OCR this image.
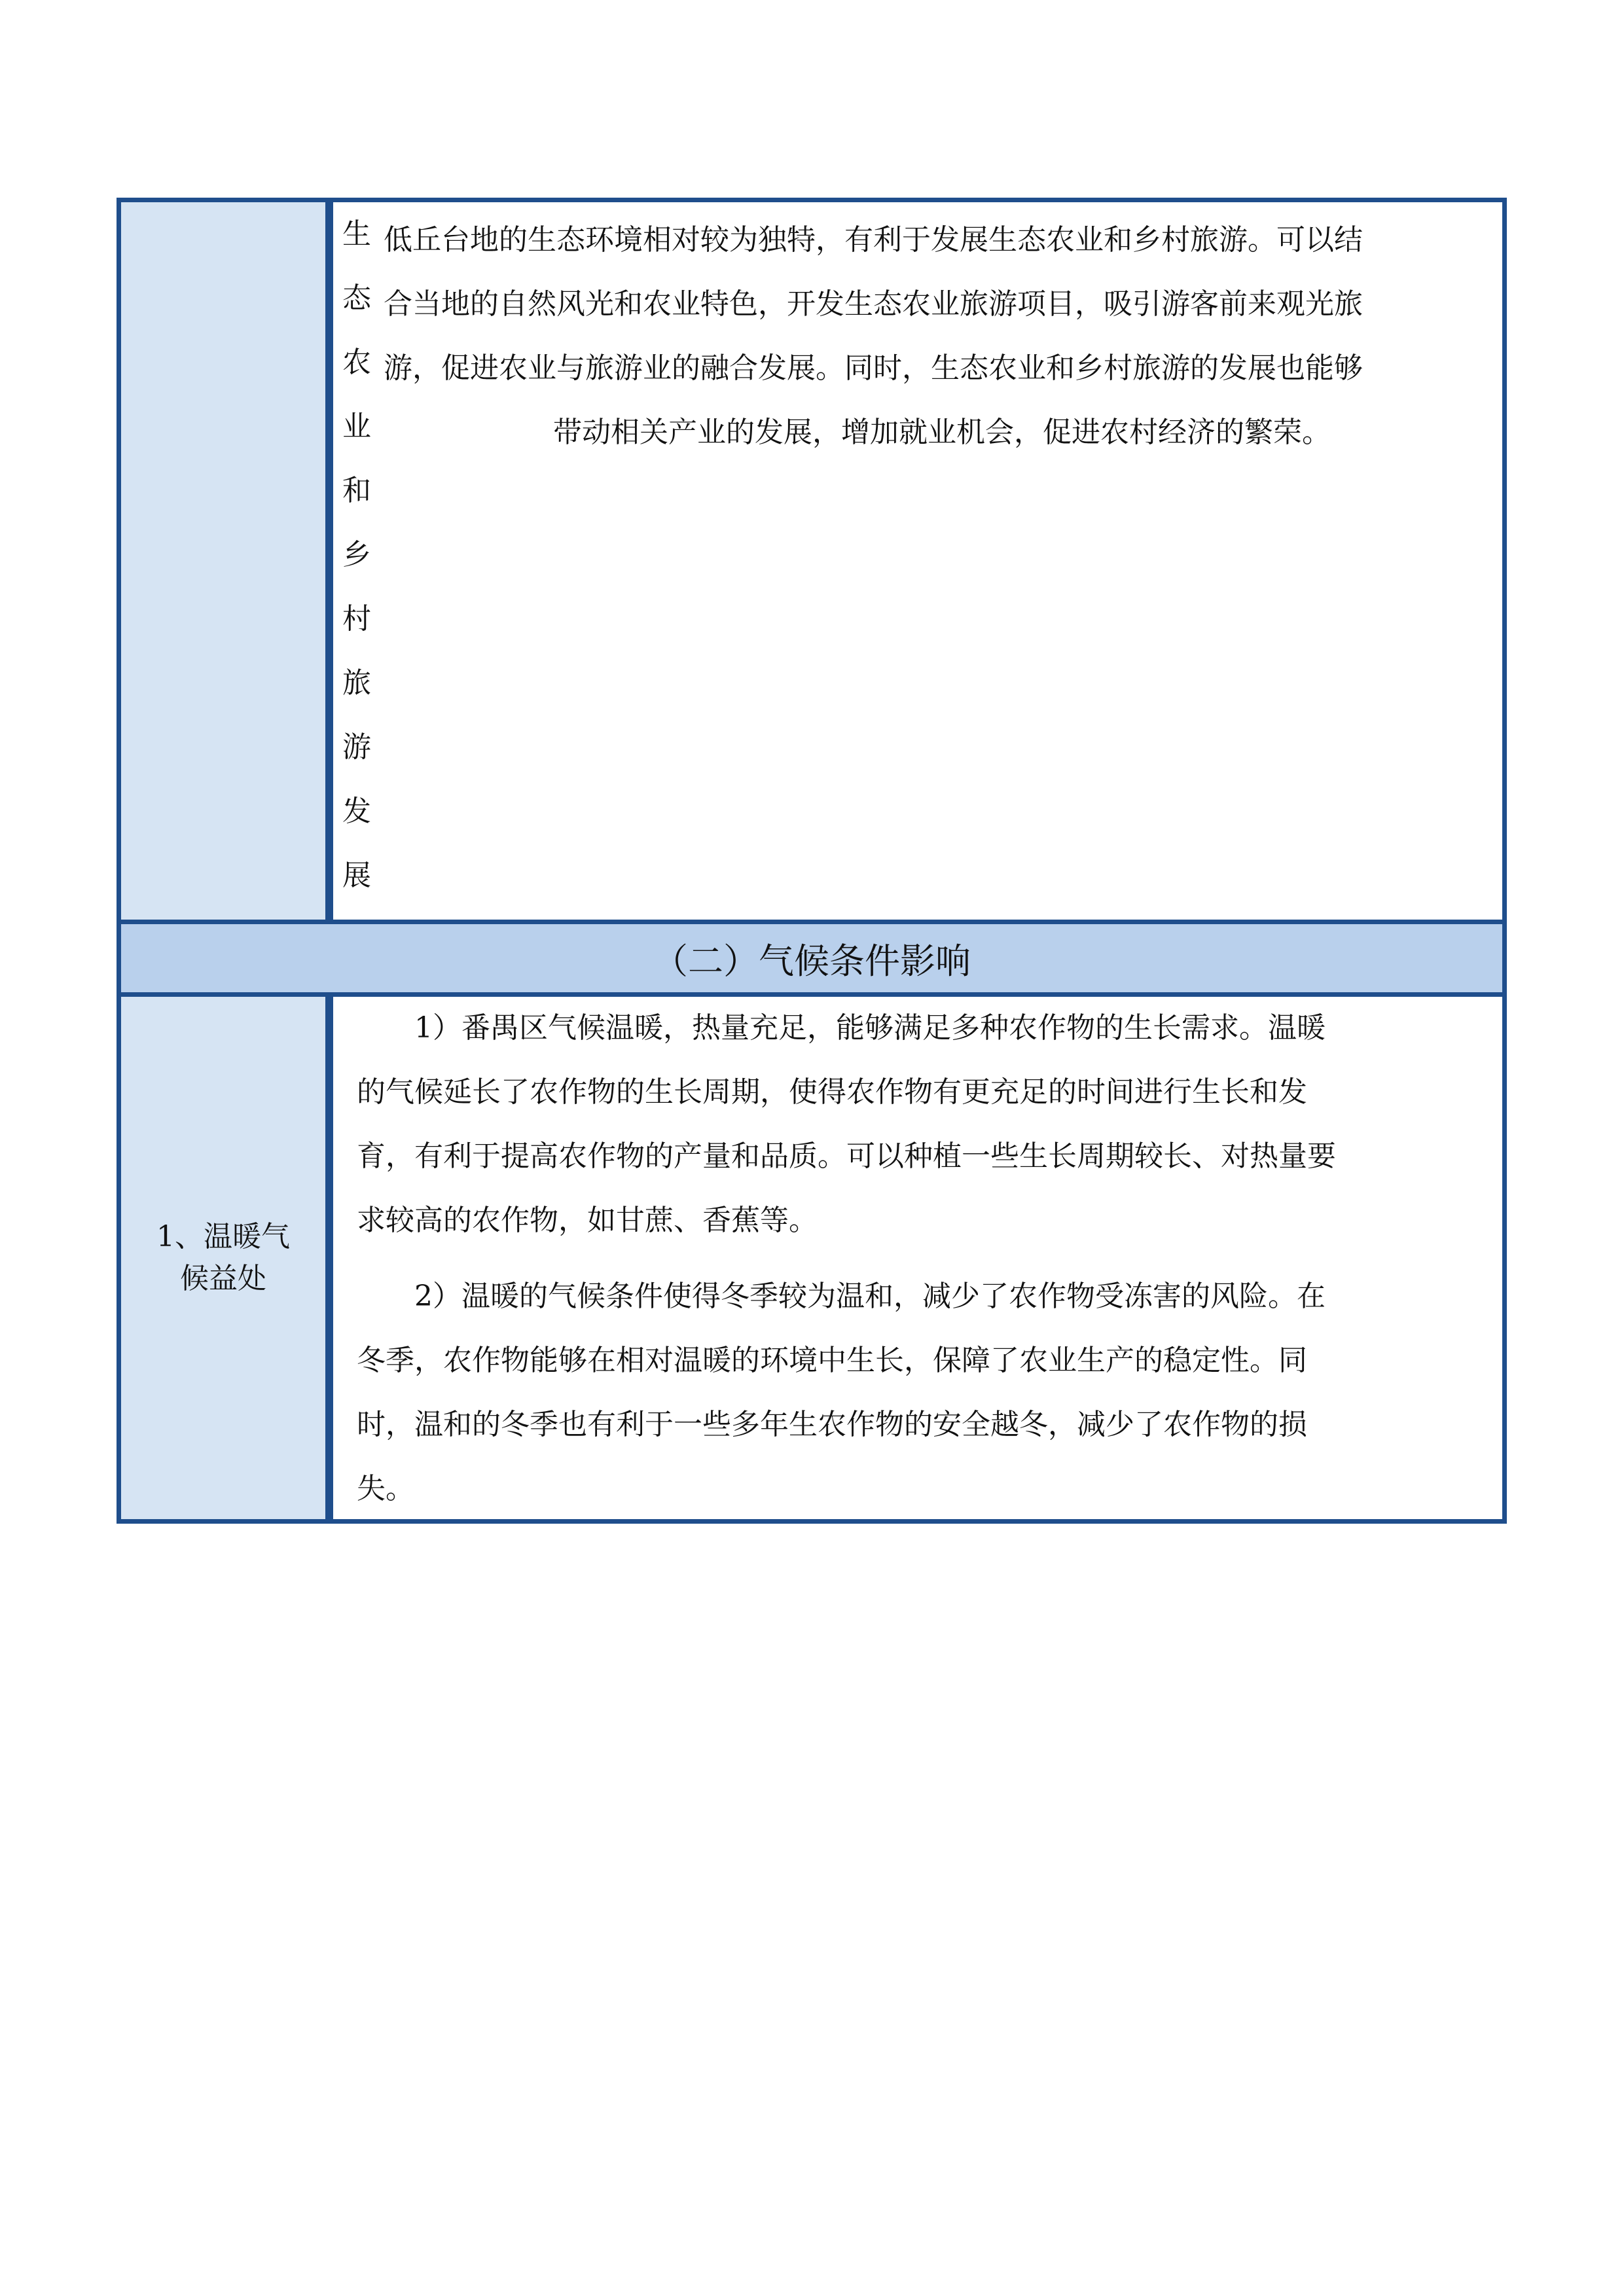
生
态
农
业
和
乡
村
旅
游
发
展
低丘台地的生态环境相对较为独特，有利于发展生态农业和乡村旅游。可以结
合当地的自然风光和农业特色，开发生态农业旅游项目，吸引游客前来观光旅
游，促进农业与旅游业的融合发展。同时，生态农业和乡村旅游的发展也能够
带动相关产业的发展，增加就业机会，促进农村经济的繁荣。
（二）气候条件影响
1、温暖气候益处

1）番禺区气候温暖，热量充足，能够满足多种农作物的生长需求。温暖
的气候延长了农作物的生长周期，使得农作物有更充足的时间进行生长和发
育，有利于提高农作物的产量和品质。可以种植一些生长周期较长、对热量要
求较高的农作物，如甘蔗、香蕉等。

2）温暖的气候条件使得冬季较为温和，减少了农作物受冻害的风险。在
冬季，农作物能够在相对温暖的环境中生长，保障了农业生产的稳定性。同
时，温和的冬季也有利于一些多年生农作物的安全越冬，减少了农作物的损
失。
